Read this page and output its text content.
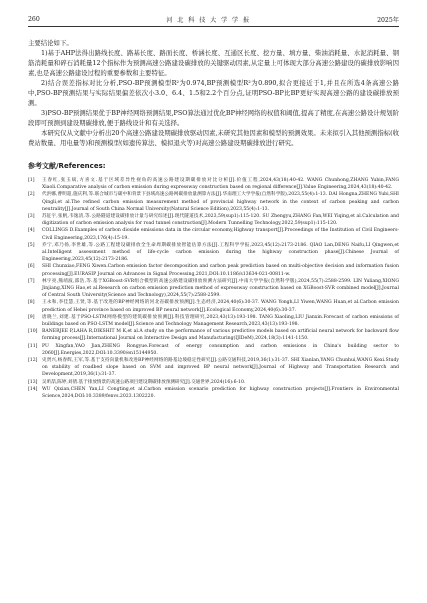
260	河 北 科 技 大 学 学 报	2025年

主要结论如下。

1)基于AHP法得出路线长度、路基长度、路面长度、桥涵长度、互通区长度、挖方量、填方量、柴油消耗量、水泥消耗量、钢筋消耗量和碎石消耗量12个指标作为预测高速公路建设碳排放的关键驱动因素,从定量上可体现大部分高速公路建设的碳排放影响因素,也是高速公路建设过程的重要参数和主要特征。

2)结合误差指标对比分析,PSO-BP预测模型R²为0.974,BP预测模型R²为0.890,拟合更接近于1,并且在所选4条高速公路中,PSO-BP预测结果与实际结果偏差依次小3.0、6.4、1.5和2.2个百分点,证明PSO-BP比BP更好实现高速公路的建设碳排放预测。

3)PSO-BP预测结果优于BP神经网络预测结果,PSO算法通过优化BP神经网络的权值和阈值,提高了精度,在高速公路设计规划阶段即可预测到建设期碳排放,便于路线设计和有关选择。

本研究仅从文献中分析出20个高速公路建设期碳排放驱动因素,未研究其他因素和模型的预测效果。未来拟引入其他预测指标(收费站数量、用电量等)和预测模型(如遗传算法、模拟退火等)对高速公路建设期碳排放进行研究。

参考文献/References:
[1]	王春红,张玉斌,方喜文.基于区域差异性视角的高速公路建设期碳排放对比分析[J].价值工程,2024,43(18):40-42. WANG Chunhong,ZHANG Yubin,FANG Xiaoli.Comparative analysis of carbon emission during expressway construction based on regional difference[J].Value Engineering,2024,43(18):40-42.
[2]	代洪娜,曹明超,施庆利,等.联合城市与碳中和背景下县域高速公路网碳排放量测算方法[J].华南理工大学学报(自然科学版),2023,55(4):1-13. DAI Hongna,ZHENG Yubi,SHI Qingli,et al.The refined carbon emission measurement method of provincial highway network in the context of carbon peaking and carbon neutrality[J].Journal of South China Normal University(Natural Science Edition),2023,55(4):1-13.
[3]	苏征宇,张帆,韦逸清,等.公路隧道建设碳排放计量与研究综述[J].现代隧道技术,2023,59(sup1):115-120. SU Zhengyu,ZHANG Fan,WEI Yiqing,et al.Calculation and digitization of carbon emission analysis for road tunnel construction[J].Modern Tunnelling Technology,2022,59(sup1):115-120.
[4]	COLLINGS D.Examples of carbon dioxide emissions data in the circular economy,Highway transport[J].Proceedings of the Institution of Civil Engineers-Civil Engineering,2023,176(4):15-19.
[5]	乔宁,邓乃扬,李世雄,等.公路工程建设碳排放全生命周期碳排放智能估算方法[J].工程科学学报,2023,45(12):2173-2186. QIAO Lan,DENG Naifu,LI Qingwen,et al.Intelligent assessment method of life-cycle carbon emission during the highway construction phase[J].Chinese Journal of Engineering,2023,45(12):2173-2186.
[6]	SHI Chunxiao,FENG Xiwen.Carbon emission factor decomposition and carbon peak prediction based on multi-objective decision and information fusion processing[J].EURASIP Journal on Advances in Signal Processing,2021,DOI:10.1186/s13634-021-00811-w.
[7]	林宇亮,熊靖波,邵浩,等.基于XGBoost-SVR组合模型的高速公路建设碳排放预测方法研究[J].中南大学学报(自然科学版),2024,55(7):2588-2599. LIN Yuliang,XIONG Jinjiang,XING Hao,et al.Research on carbon emission prediction method of expressway construction based on XGBoost-SVR combined model[J].Journal of Central South University(Science and Technology),2024,55(7):2588-2599.
[8]	王永和,李佳慧,王贤,等.基于改进的BP神经网络的河北省碳排放预测[J].生态经济,2024,40(6):30-37. WANG Yongh,LI Yiwen,WANG Huan,et al.Carbon emission prediction of Hebei province based on improved BP neural network[J].Ecological Economy,2024,40(6):30-37.
[9]	唐晓兰,刘建.基于PSO-LSTM网络模型的建筑碳排放预测[J].科技管理研究,2023,43(13):193-198. TANG Xiaoling,LIU Jianxin.Forecast of carbon emissions of buildings based on PSO-LSTM model[J].Science and Technology Management Research,2023,43(13):193-198.
[10] BANERJEE P,LAHA R,DIKSHIT M K,et al.A study on the performance of various predictive models based on artificial neural network for backward flow forming process[J].International Journal on Interactive Design and Manufacturing(IJIDeM),2024,18(3):1141-1150.
[11] PU Xingfan,YAO Jian,ZHENG Rongyue.Forecast of energy consumption and carbon emissions in China's building sector to 2060[J].Energies,2022,DOI:10.3390/en15144950.
[12] 史贤兴,杨春辉,王军,等.基于支持向量机和改进BP神经网络的路基边坡稳定性研究[J].公路交通科技,2019,36(1):31-37. SHI Xianlan,YANG Chunhui,WANG Kexi.Study on stability of roadbed slope based on SVM and improved BP neural network[J].Journal of Highway and Transportation Research and Development,2019,36(1):31-37.
[13] 吴昕喆,陈婷,刘倩.基于排放情景的高速公路项目建设期碳排放预测研究[J].交通世界,2024(16):6-10.
[14] WU Qixian,CHEN Yan,LI Congting,et al.Carbon emission scenario prediction for highway construction projects[J].Frontiers in Environmental Science,2024,DOI:10.3389/fenvs.2023.1302220.
